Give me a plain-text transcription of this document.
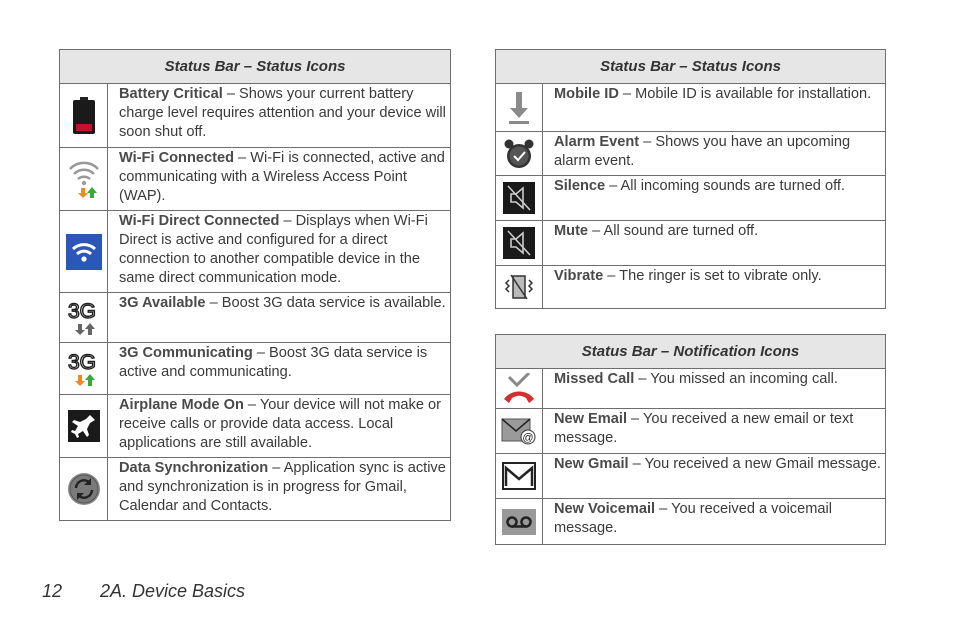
Status Bar – Status Icons	

	Battery Critical – Shows your current battery charge level requires attention and your device will soon shut off.

	Wi-Fi Connected – Wi-Fi is connected, active and communicating with a Wireless Access Point (WAP).

	Wi-Fi Direct Connected – Displays when Wi-Fi Direct is active and configured for a direct connection to another compatible device in the same direct communication mode.

3G	3G Available – Boost 3G data service is available.

3G	3G Communicating – Boost 3G data service is active and communicating.

	Airplane Mode On – Your device will not make or receive calls or provide data access. Local applications are still available.

	Data Synchronization – Application sync is active and synchronization is in progress for Gmail, Calendar and Contacts.
Status Bar – Status Icons	

	Mobile ID – Mobile ID is available for installation.

	Alarm Event – Shows you have an upcoming alarm event.

	Silence – All incoming sounds are turned off.

	Mute – All sound are turned off.

	Vibrate – The ringer is set to vibrate only.
Status Bar – Notification Icons	

	Missed Call – You missed an incoming call.

@	New Email – You received a new email or text message.

	New Gmail – You received a new Gmail message.

	New Voicemail – You received a voicemail message.
12 2A. Device Basics
